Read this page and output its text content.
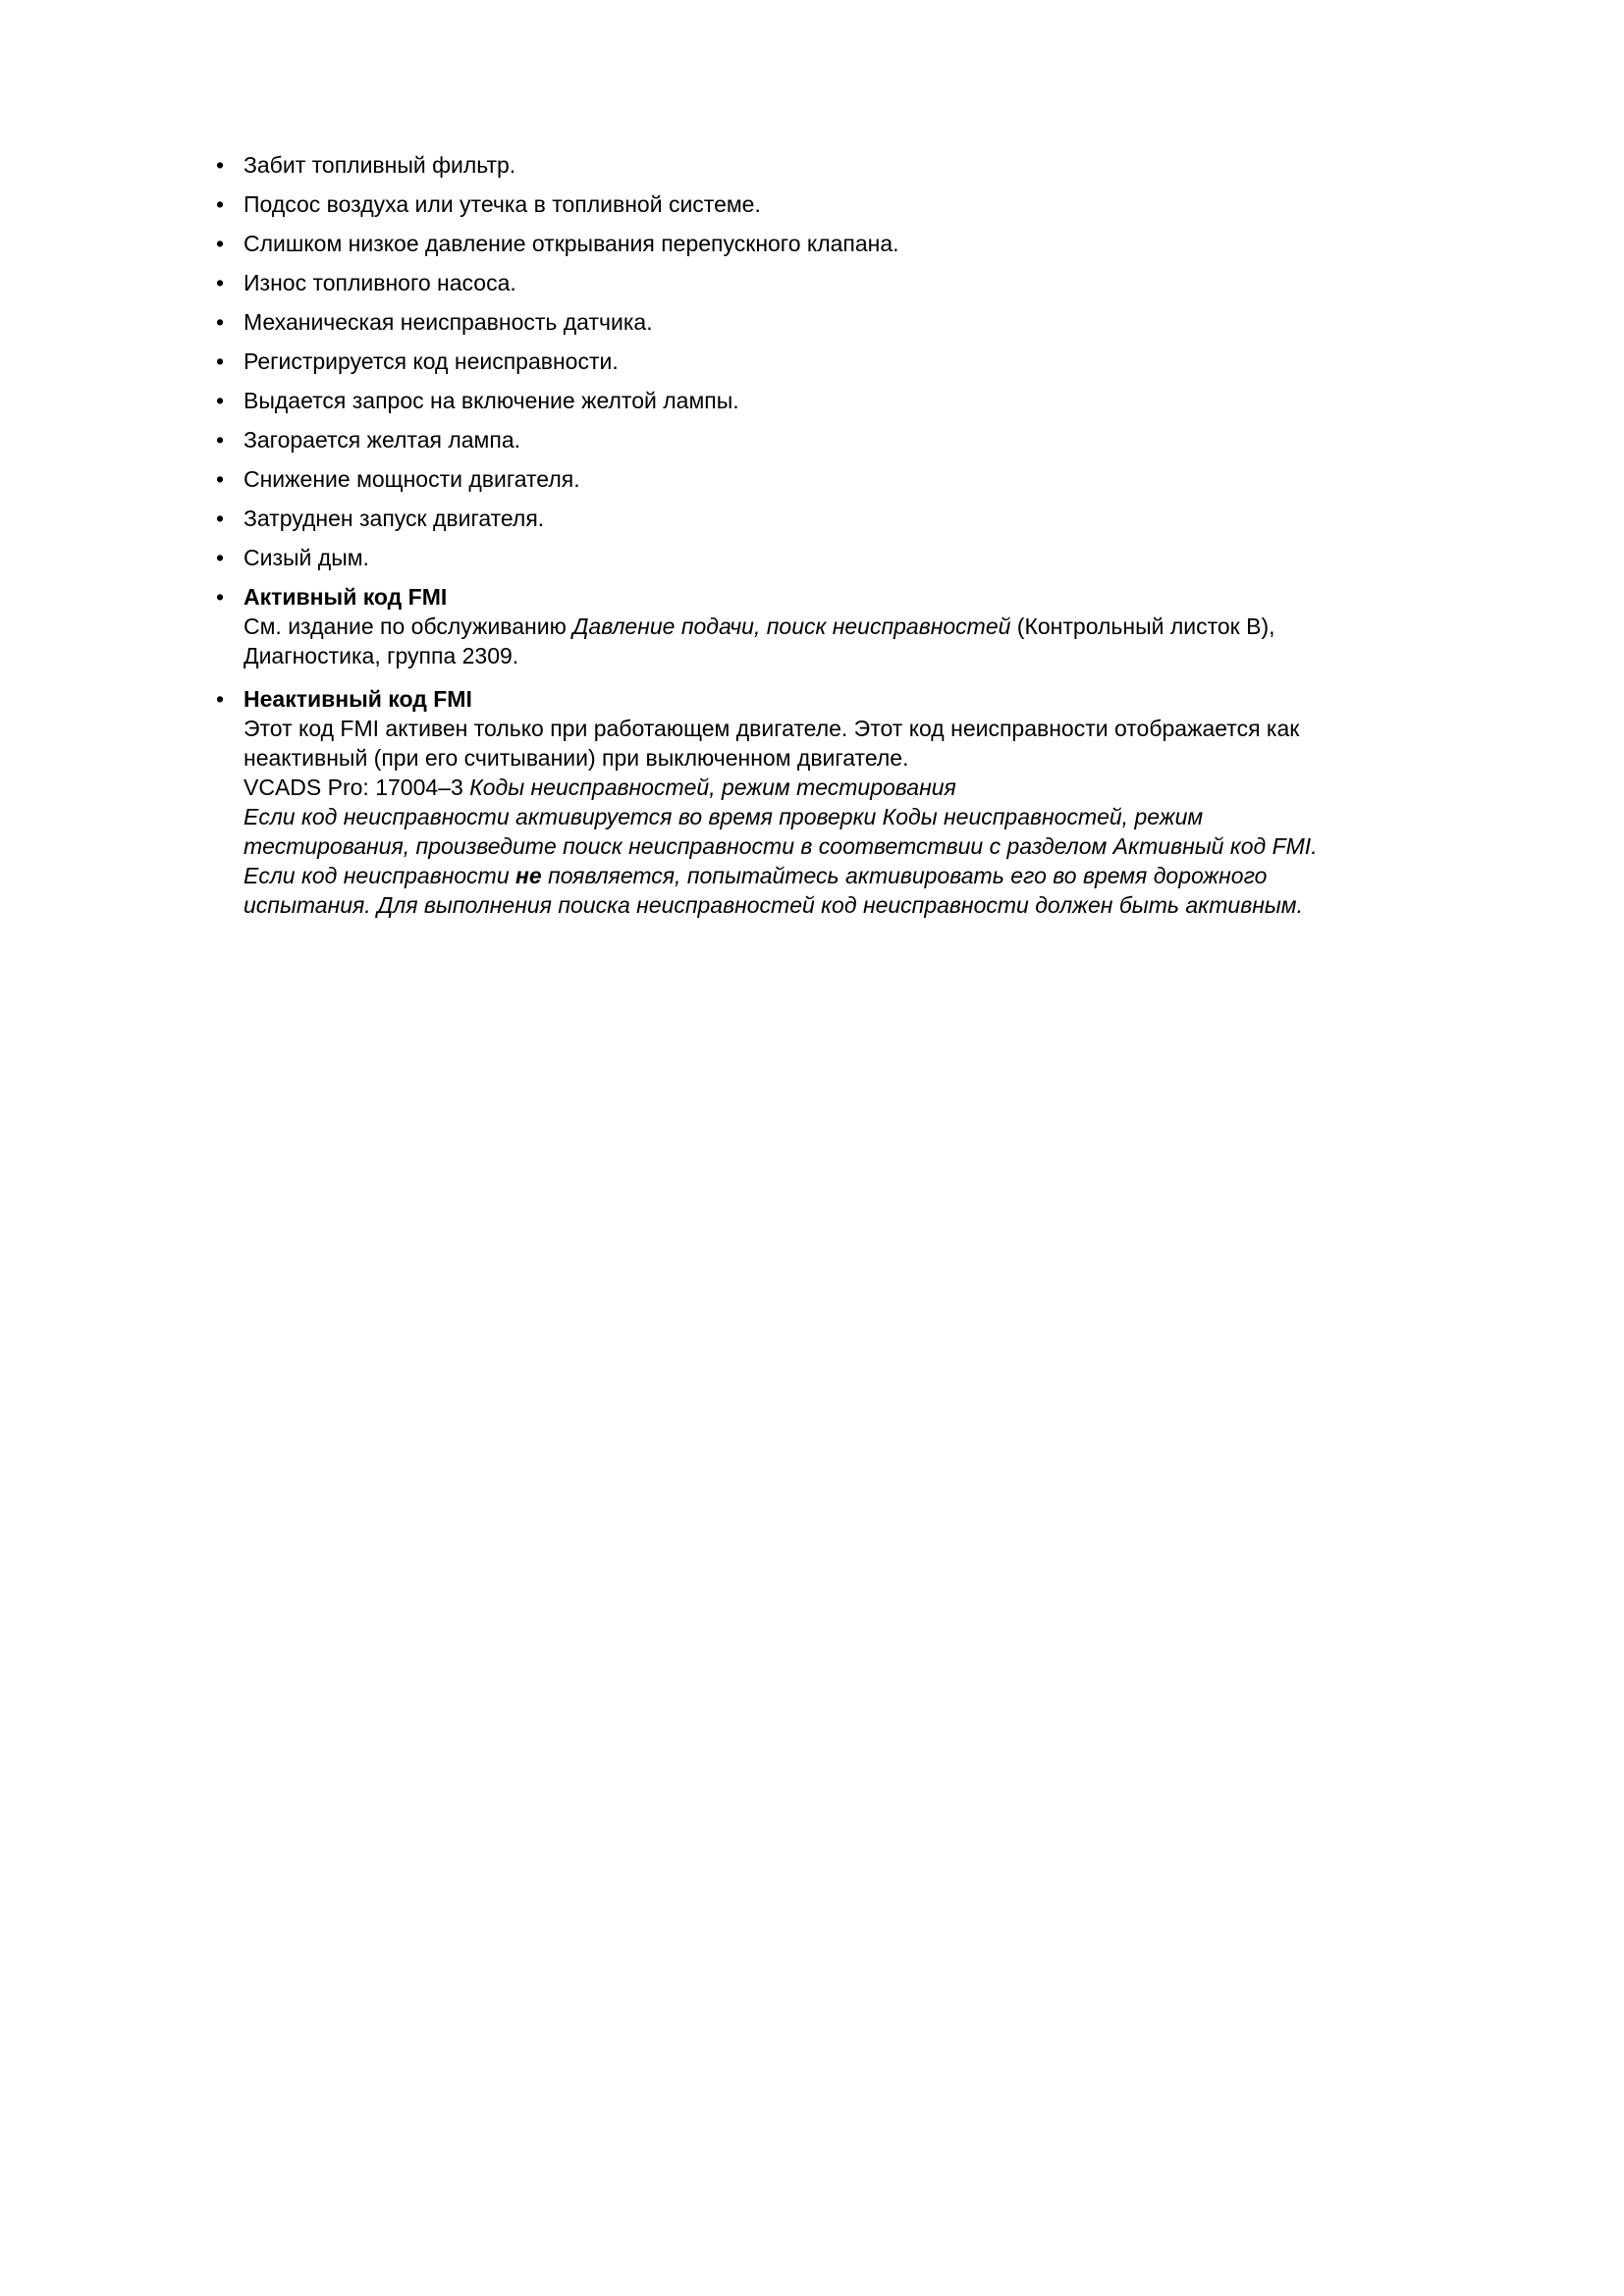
• Забит топливный фильтр.
• Подсос воздуха или утечка в топливной системе.
• Слишком низкое давление открывания перепускного клапана.
• Износ топливного насоса.
• Механическая неисправность датчика.
• Регистрируется код неисправности.
• Выдается запрос на включение желтой лампы.
• Загорается желтая лампа.
• Снижение мощности двигателя.
• Затруднен запуск двигателя.
• Сизый дым.
• Активный код FMI
См. издание по обслуживанию Давление подачи, поиск неисправностей (Контрольный листок B),
Диагностика, группа 2309.
• Неактивный код FMI
Этот код FMI активен только при работающем двигателе. Этот код неисправности отображается как
неактивный (при его считывании) при выключенном двигателе.
VCADS Pro: 17004–3 Коды неисправностей, режим тестирования
Если код неисправности активируется во время проверки Коды неисправностей, режим
тестирования, произведите поиск неисправности в соответствии с разделом Активный код FMI.
Если код неисправности не появляется, попытайтесь активировать его во время дорожного
испытания. Для выполнения поиска неисправностей код неисправности должен быть активным.
